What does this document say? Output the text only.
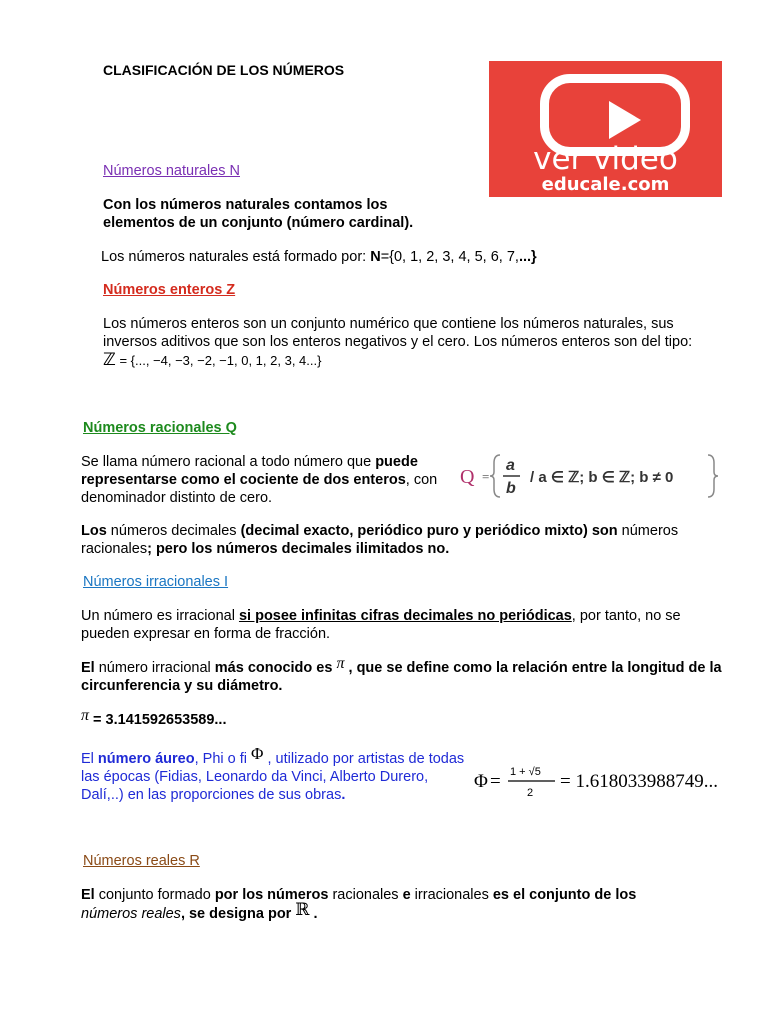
CLASIFICACIÓN DE LOS NÚMEROS
ver video
educale.com
Números naturales N
Con los números naturales contamos los elementos de un conjunto (número cardinal).
Los números naturales está formado por: N={0, 1, 2, 3, 4, 5, 6, 7,...}
Números enteros Z
Los números enteros son un conjunto numérico que contiene los números naturales, sus inversos aditivos que son los enteros negativos y el cero. Los números enteros son del tipo: ℤ = {..., −4, −3, −2, −1, 0, 1, 2, 3, 4...}
Números racionales Q
Se llama número racional a todo número que puede representarse como el cociente de dos enteros, con denominador distinto de cero.
Q =
a
b
/ a ∈ ℤ; b ∈ ℤ; b ≠ 0
Los números decimales (decimal exacto, periódico puro y periódico mixto) son números racionales; pero los números decimales ilimitados no.
Números irracionales I
Un número es irracional si posee infinitas cifras decimales no periódicas, por tanto, no se pueden expresar en forma de fracción.
El número irracional más conocido es π , que se define como la relación entre la longitud de la circunferencia y su diámetro.
π = 3.141592653589...
El número áureo, Phi o fi Φ , utilizado por artistas de todas las épocas (Fidias, Leonardo da Vinci, Alberto Durero, Dalí,..) en las proporciones de sus obras.
Φ = 1 + √5
2
= 1.618033988749...
Números reales R
El conjunto formado por los números racionales e irracionales es el conjunto de los
números reales, se designa por ℝ .
